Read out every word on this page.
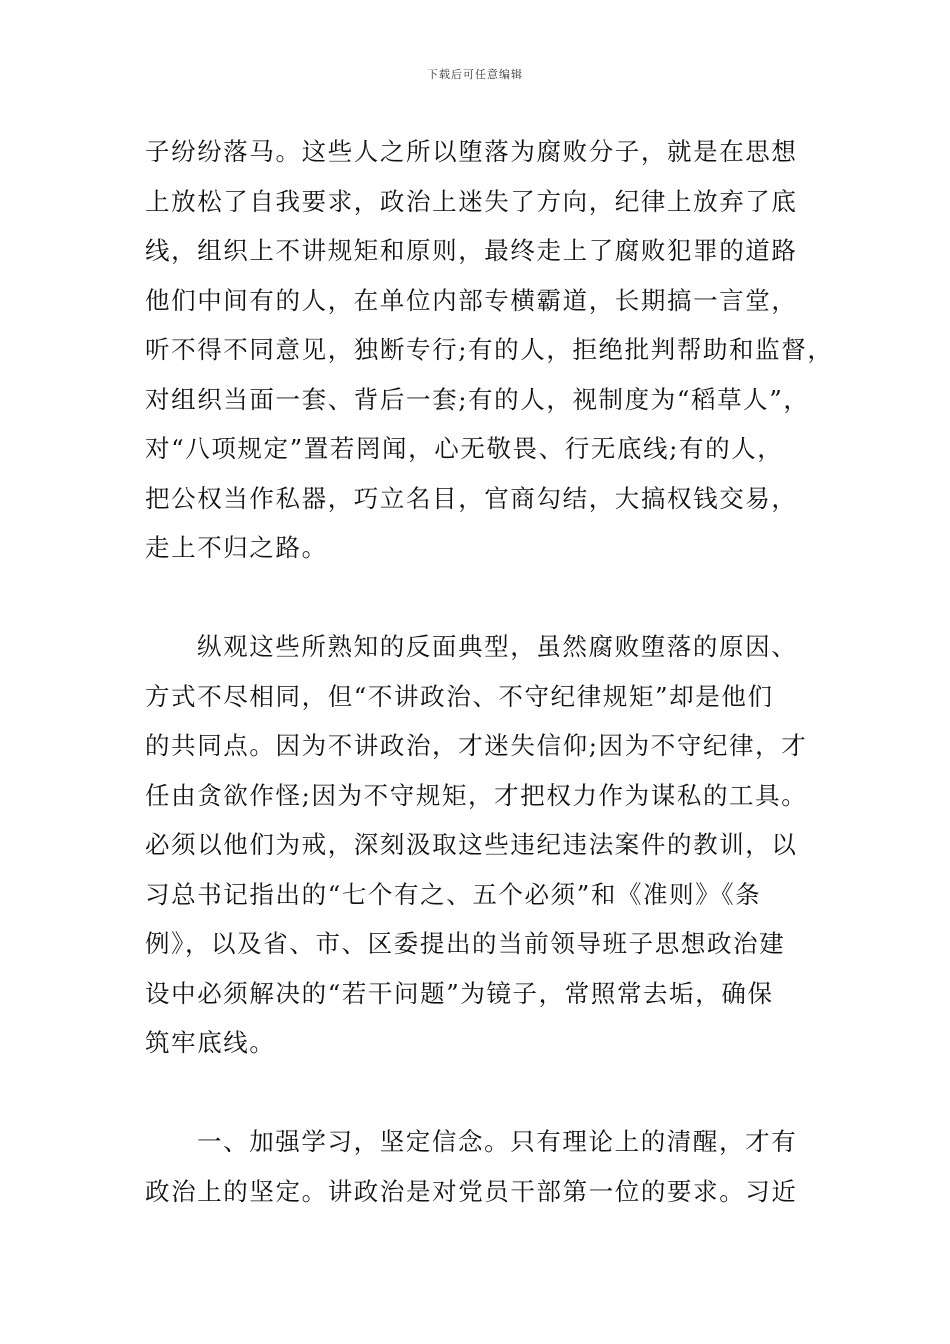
下载后可任意编辑
子纷纷落马。这些人之所以堕落为腐败分子，就是在思想
上放松了自我要求，政治上迷失了方向，纪律上放弃了底
线，组织上不讲规矩和原则，最终走上了腐败犯罪的道路
他们中间有的人，在单位内部专横霸道，长期搞一言堂，
听不得不同意见，独断专行;有的人，拒绝批判帮助和监督，
对组织当面一套、背后一套;有的人，视制度为“稻草人”，
对“八项规定”置若罔闻，心无敬畏、行无底线;有的人，
把公权当作私器，巧立名目，官商勾结，大搞权钱交易，
走上不归之路。
纵观这些所熟知的反面典型，虽然腐败堕落的原因、
方式不尽相同，但“不讲政治、不守纪律规矩”却是他们
的共同点。因为不讲政治，才迷失信仰;因为不守纪律，才
任由贪欲作怪;因为不守规矩，才把权力作为谋私的工具。
必须以他们为戒，深刻汲取这些违纪违法案件的教训，以
习总书记指出的“七个有之、五个必须”和《准则》《条
例》，以及省、市、区委提出的当前领导班子思想政治建
设中必须解决的“若干问题”为镜子，常照常去垢，确保
筑牢底线。
一、加强学习，坚定信念。只有理论上的清醒，才有
政治上的坚定。讲政治是对党员干部第一位的要求。习近
